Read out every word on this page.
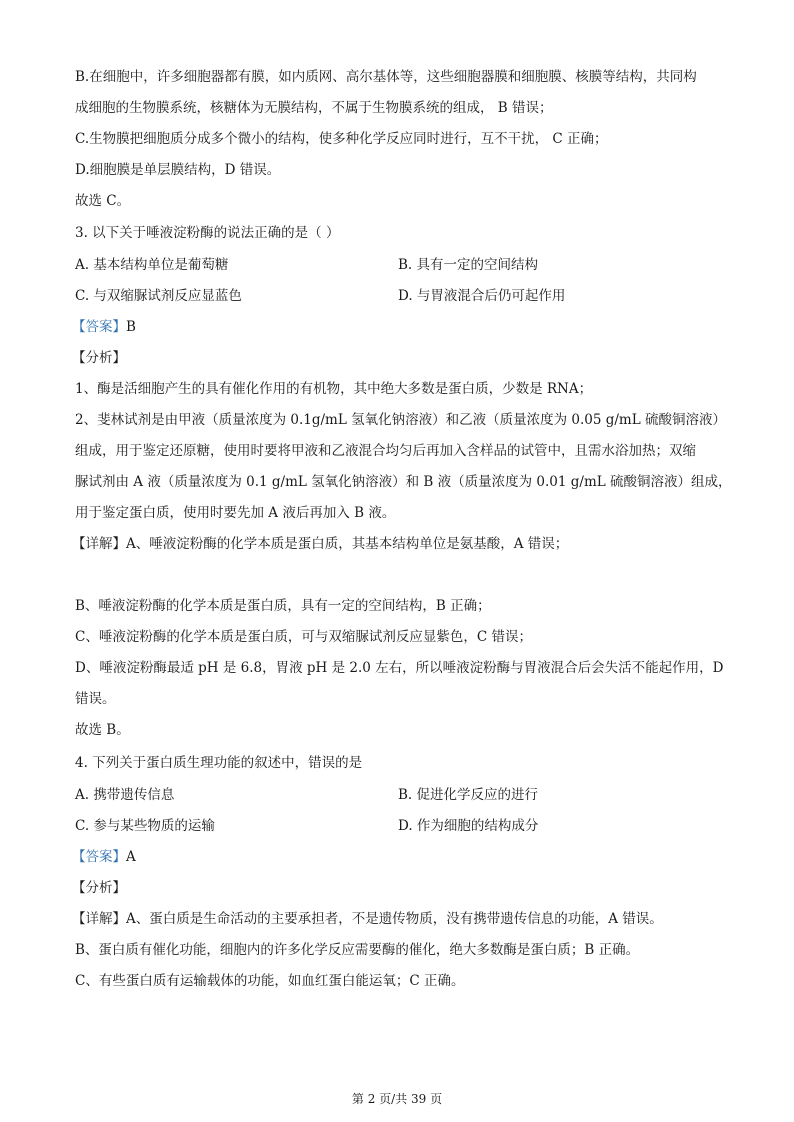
B.在细胞中，许多细胞器都有膜，如内质网、高尔基体等，这些细胞器膜和细胞膜、核膜等结构，共同构
成细胞的生物膜系统，核糖体为无膜结构，不属于生物膜系统的组成， B 错误；
C.生物膜把细胞质分成多个微小的结构，使多种化学反应同时进行，互不干扰， C 正确；
D.细胞膜是单层膜结构，D 错误。
故选 C。
3. 以下关于唾液淀粉酶的说法正确的是（ ）
A. 基本结构单位是葡萄糖	B. 具有一定的空间结构
C. 与双缩脲试剂反应显蓝色	D. 与胃液混合后仍可起作用
【答案】B
【分析】
1、酶是活细胞产生的具有催化作用的有机物，其中绝大多数是蛋白质，少数是 RNA；
2、斐林试剂是由甲液（质量浓度为 0.1g/mL 氢氧化钠溶液）和乙液（质量浓度为 0.05 g/mL 硫酸铜溶液）
组成，用于鉴定还原糖，使用时要将甲液和乙液混合均匀后再加入含样品的试管中，且需水浴加热；双缩
脲试剂由 A 液（质量浓度为 0.1 g/mL 氢氧化钠溶液）和 B 液（质量浓度为 0.01 g/mL 硫酸铜溶液）组成，
用于鉴定蛋白质，使用时要先加 A 液后再加入 B 液。
【详解】A、唾液淀粉酶的化学本质是蛋白质，其基本结构单位是氨基酸，A 错误；
B、唾液淀粉酶的化学本质是蛋白质，具有一定的空间结构，B 正确；
C、唾液淀粉酶的化学本质是蛋白质，可与双缩脲试剂反应显紫色，C 错误；
D、唾液淀粉酶最适 pH 是 6.8，胃液 pH 是 2.0 左右，所以唾液淀粉酶与胃液混合后会失活不能起作用，D
错误。
故选 B。
4. 下列关于蛋白质生理功能的叙述中，错误的是
A. 携带遗传信息	B. 促进化学反应的进行
C. 参与某些物质的运输	D. 作为细胞的结构成分
【答案】A
【分析】
【详解】A、蛋白质是生命活动的主要承担者，不是遗传物质，没有携带遗传信息的功能，A 错误。
B、蛋白质有催化功能，细胞内的许多化学反应需要酶的催化，绝大多数酶是蛋白质；B 正确。
C、有些蛋白质有运输载体的功能，如血红蛋白能运氧；C 正确。
第 2 页/共 39 页
